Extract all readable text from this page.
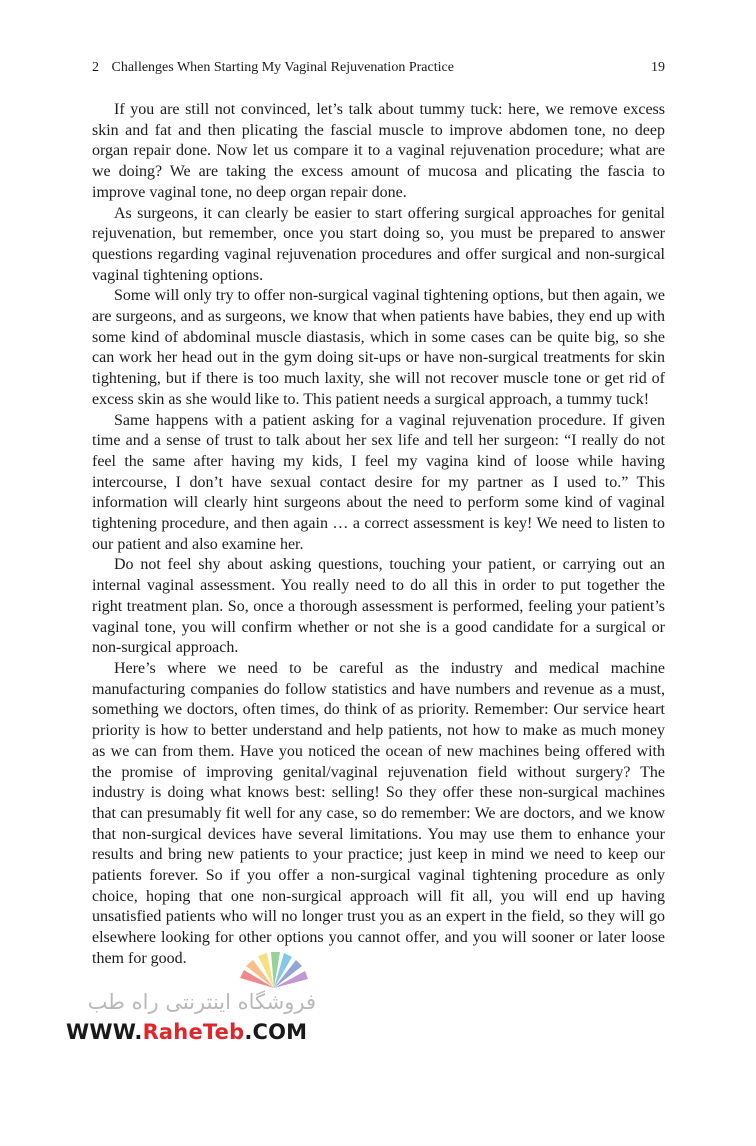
2 Challenges When Starting My Vaginal Rejuvenation Practice	19

If you are still not convinced, let’s talk about tummy tuck: here, we remove excess skin and fat and then plicating the fascial muscle to improve abdomen tone, no deep organ repair done. Now let us compare it to a vaginal rejuvenation procedure; what are we doing? We are taking the excess amount of mucosa and plicating the fascia to improve vaginal tone, no deep organ repair done.

As surgeons, it can clearly be easier to start offering surgical approaches for genital rejuvenation, but remember, once you start doing so, you must be prepared to answer questions regarding vaginal rejuvenation procedures and offer surgical and non-surgical vaginal tightening options.

Some will only try to offer non-surgical vaginal tightening options, but then again, we are surgeons, and as surgeons, we know that when patients have babies, they end up with some kind of abdominal muscle diastasis, which in some cases can be quite big, so she can work her head out in the gym doing sit-ups or have non-surgical treatments for skin tightening, but if there is too much laxity, she will not recover muscle tone or get rid of excess skin as she would like to. This patient needs a surgical approach, a tummy tuck!

Same happens with a patient asking for a vaginal rejuvenation procedure. If given time and a sense of trust to talk about her sex life and tell her surgeon: “I really do not feel the same after having my kids, I feel my vagina kind of loose while having intercourse, I don’t have sexual contact desire for my partner as I used to.” This information will clearly hint surgeons about the need to perform some kind of vaginal tightening procedure, and then again … a correct assessment is key! We need to listen to our patient and also examine her.

Do not feel shy about asking questions, touching your patient, or carrying out an internal vaginal assessment. You really need to do all this in order to put together the right treatment plan. So, once a thorough assessment is performed, feeling your patient’s vaginal tone, you will confirm whether or not she is a good candidate for a surgical or non-surgical approach.

Here’s where we need to be careful as the industry and medical machine manufacturing companies do follow statistics and have numbers and revenue as a must, something we doctors, often times, do think of as priority. Remember: Our service heart priority is how to better understand and help patients, not how to make as much money as we can from them. Have you noticed the ocean of new machines being offered with the promise of improving genital/vaginal rejuvenation field without surgery? The industry is doing what knows best: selling! So they offer these non-surgical machines that can presumably fit well for any case, so do remember: We are doctors, and we know that non-surgical devices have several limitations. You may use them to enhance your results and bring new patients to your practice; just keep in mind we need to keep our patients forever. So if you offer a non-surgical vaginal tightening procedure as only choice, hoping that one non-surgical approach will fit all, you will end up having unsatisfied patients who will no longer trust you as an expert in the field, so they will go elsewhere looking for other options you cannot offer, and you will sooner or later loose them for good.

فروشگاه اینترنتی راه طب
WWW.RaheTeb.COM
